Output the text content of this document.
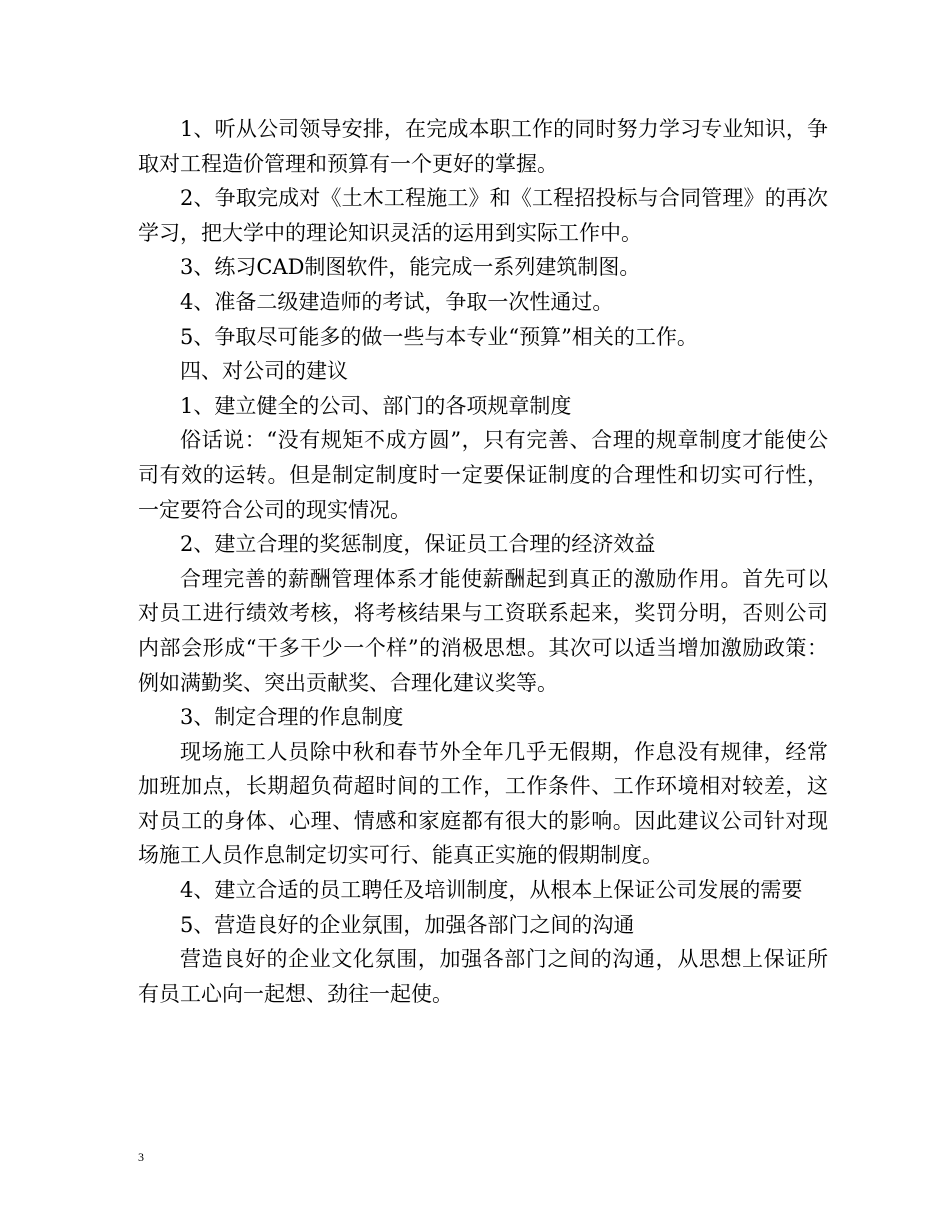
1、听从公司领导安排，在完成本职工作的同时努力学习专业知识，争取对工程造价管理和预算有一个更好的掌握。

2、争取完成对《土木工程施工》和《工程招投标与合同管理》的再次学习，把大学中的理论知识灵活的运用到实际工作中。

3、练习CAD制图软件，能完成一系列建筑制图。

4、准备二级建造师的考试，争取一次性通过。

5、争取尽可能多的做一些与本专业“预算”相关的工作。

四、对公司的建议

1、建立健全的公司、部门的各项规章制度

俗话说：“没有规矩不成方圆”，只有完善、合理的规章制度才能使公司有效的运转。但是制定制度时一定要保证制度的合理性和切实可行性，一定要符合公司的现实情况。

2、建立合理的奖惩制度，保证员工合理的经济效益

合理完善的薪酬管理体系才能使薪酬起到真正的激励作用。首先可以对员工进行绩效考核，将考核结果与工资联系起来，奖罚分明，否则公司内部会形成“干多干少一个样”的消极思想。其次可以适当增加激励政策：例如满勤奖、突出贡献奖、合理化建议奖等。

3、制定合理的作息制度

现场施工人员除中秋和春节外全年几乎无假期，作息没有规律，经常加班加点，长期超负荷超时间的工作，工作条件、工作环境相对较差，这对员工的身体、心理、情感和家庭都有很大的影响。因此建议公司针对现场施工人员作息制定切实可行、能真正实施的假期制度。

4、建立合适的员工聘任及培训制度，从根本上保证公司发展的需要

5、营造良好的企业氛围，加强各部门之间的沟通

营造良好的企业文化氛围，加强各部门之间的沟通，从思想上保证所有员工心向一起想、劲往一起使。

3
